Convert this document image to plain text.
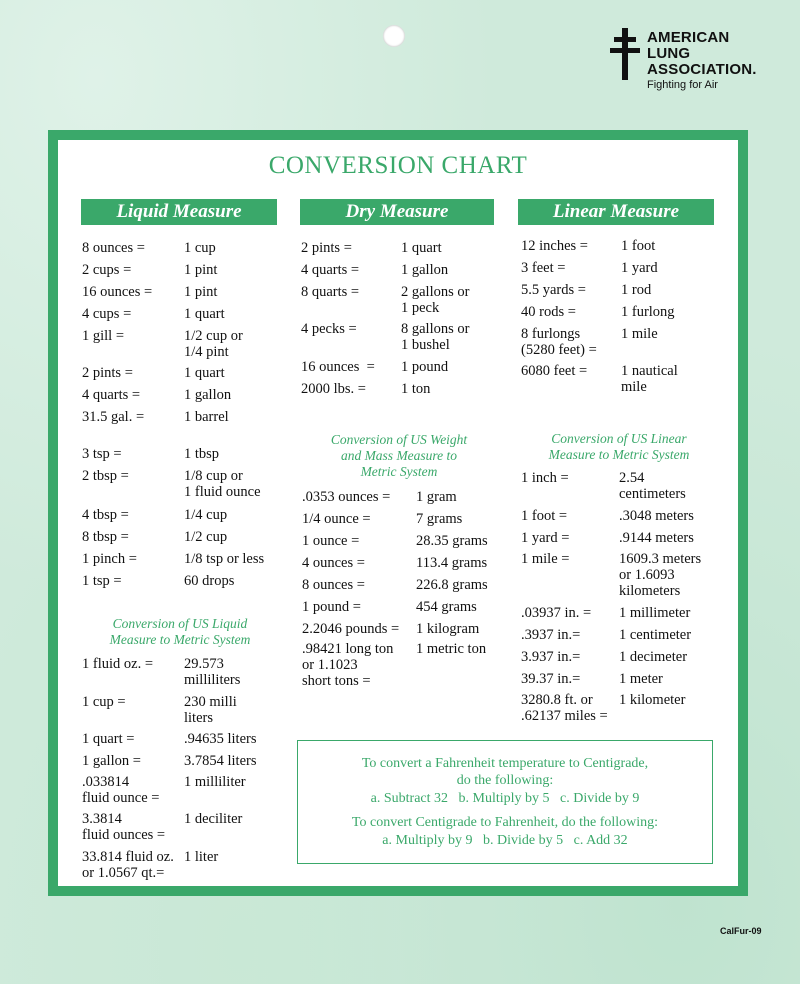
AMERICAN
LUNG
ASSOCIATION.
Fighting for Air
CONVERSION CHART
Liquid Measure	Dry Measure	Linear Measure
8 ounces =	1 cup
2 cups =	1 pint
16 ounces = 1 pint
4 cups =	1 quart
1 gill =	1/2 cup or
1/4 pint
2 pints =	1 quart
4 quarts =	1 gallon
31.5 gal. =	1 barrel
3 tsp =	1 tbsp
2 tbsp =	1/8 cup or
1 fluid ounce
4 tbsp =	1/4 cup
8 tbsp =	1/2 cup
1 pinch =	1/8 tsp or less
1 tsp =	60 drops
Conversion of US Liquid
Measure to Metric System
1 fluid oz. = 29.573
milliliters
1 cup =	230 milli
liters
1 quart =	.94635 liters
1 gallon =	3.7854 liters
.033814
fluid ounce =
1 milliliter
3.3814
fluid ounces =
1 deciliter
33.814 fluid oz.
or 1.0567 qt.=
1 liter
2 pints =	1 quart
4 quarts =	1 gallon
8 quarts =	2 gallons or
1 peck
4 pecks =	8 gallons or
1 bushel
16 ounces  = 1 pound
2000 lbs. = 1 ton
Conversion of US Weight
and Mass Measure to
Metric System
.0353 ounces = 1 gram
1/4 ounce =	7 grams
1 ounce =	28.35 grams
4 ounces =	113.4 grams
8 ounces =	226.8 grams
1 pound =	454 grams
2.2046 pounds = 1 kilogram
.98421 long ton
or 1.1023
short tons =
1 metric ton
12 inches = 1 foot
3 feet =	1 yard
5.5 yards = 1 rod
40 rods =	1 furlong
8 furlongs
(5280 feet) =
1 mile
6080 feet = 1 nautical
mile
Conversion of US Linear
Measure to Metric System
1 inch =	2.54
centimeters
1 foot =	.3048 meters
1 yard =	.9144 meters
1 mile =	1609.3 meters
or 1.6093
kilometers
.03937 in. = 1 millimeter
.3937 in.=	1 centimeter
3.937 in.=	1 decimeter
39.37 in.=	1 meter
3280.8 ft. or
.62137 miles =
1 kilometer
To convert a Fahrenheit temperature to Centigrade,
do the following:
a. Subtract 32   b. Multiply by 5   c. Divide by 9
To convert Centigrade to Fahrenheit, do the following:
a. Multiply by 9   b. Divide by 5   c. Add 32
CalFur-09
